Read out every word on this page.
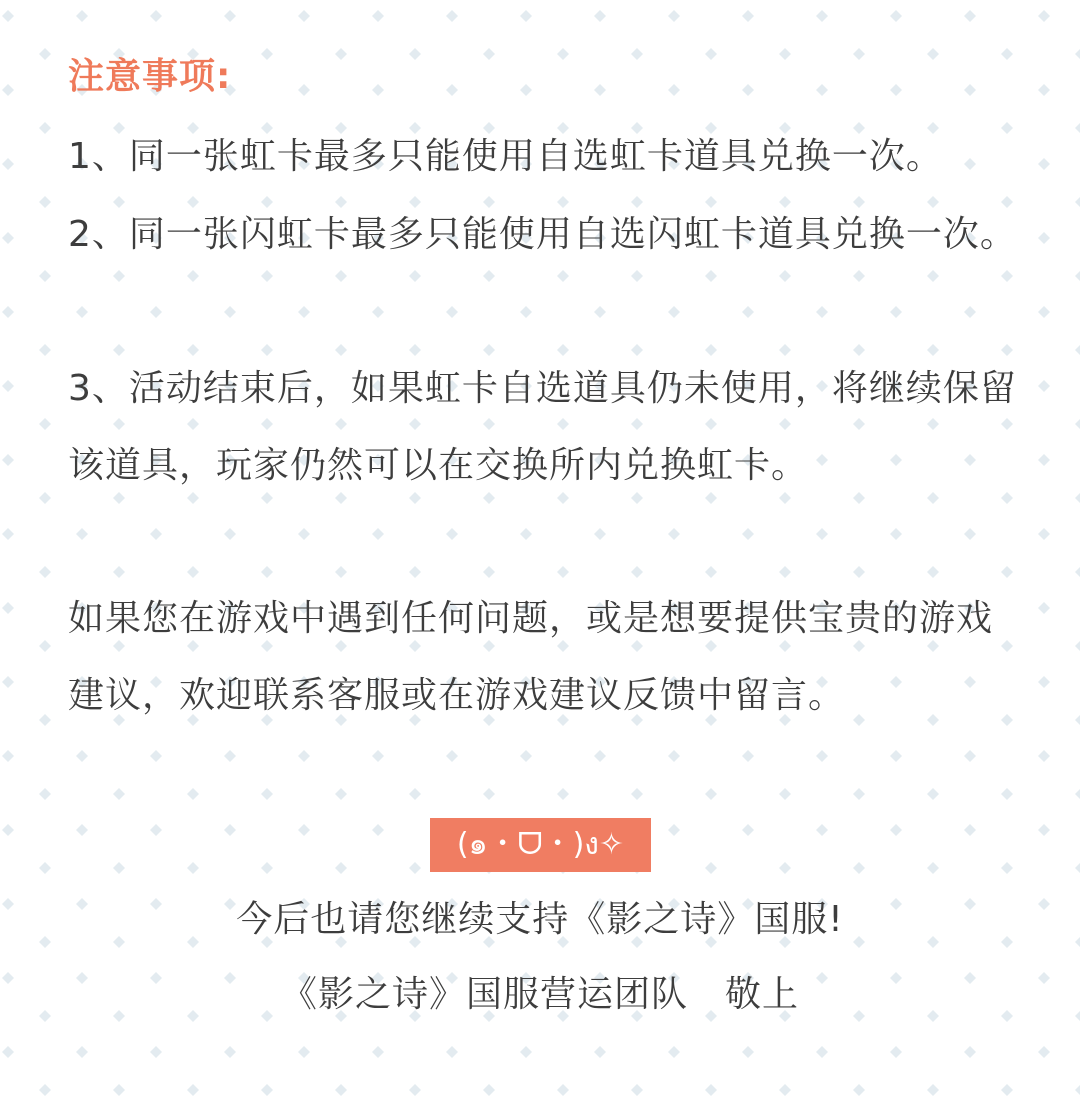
注意事项:
1、同一张虹卡最多只能使用自选虹卡道具兑换一次。
2、同一张闪虹卡最多只能使用自选闪虹卡道具兑换一次。
3、活动结束后，如果虹卡自选道具仍未使用，将继续保留该道具，玩家仍然可以在交换所内兑换虹卡。
如果您在游戏中遇到任何问题，或是想要提供宝贵的游戏建议，欢迎联系客服或在游戏建议反馈中留言。
(๑・ᗜ・)ง✧
今后也请您继续支持《影之诗》国服!
《影之诗》国服营运团队　敬上
